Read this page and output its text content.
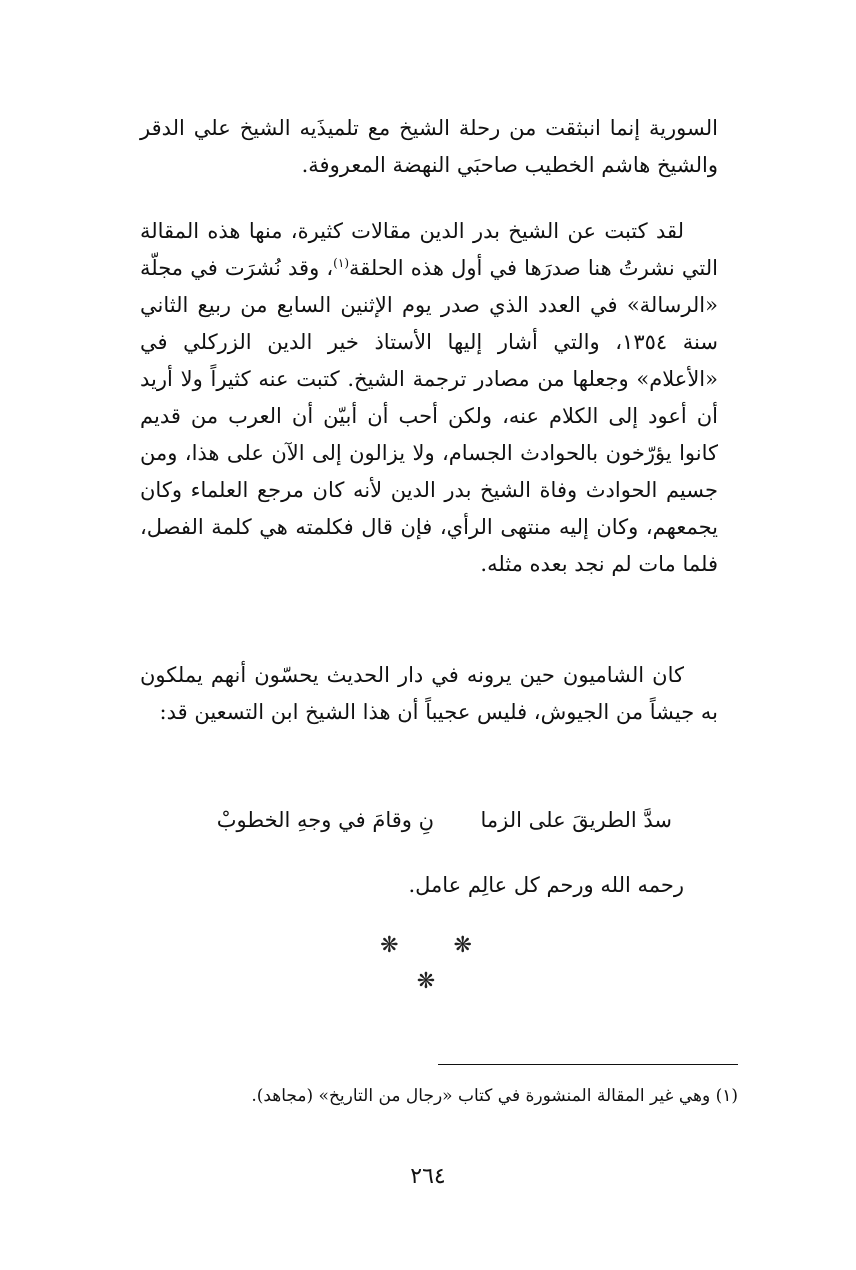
السورية إنما انبثقت من رحلة الشيخ مع تلميذَيه الشيخ علي الدقر والشيخ هاشم الخطيب صاحبَي النهضة المعروفة.
لقد كتبت عن الشيخ بدر الدين مقالات كثيرة، منها هذه المقالة التي نشرتُ هنا صدرَها في أول هذه الحلقة$^{(١)}$، وقد نُشرَت في مجلّة «الرسالة» في العدد الذي صدر يوم الإثنين السابع من ربيع الثاني سنة ١٣٥٤، والتي أشار إليها الأستاذ خير الدين الزركلي في «الأعلام» وجعلها من مصادر ترجمة الشيخ. كتبت عنه كثيراً ولا أريد أن أعود إلى الكلام عنه، ولكن أحب أن أبيّن أن العرب من قديم كانوا يؤرّخون بالحوادث الجسام، ولا يزالون إلى الآن على هذا، ومن جسيم الحوادث وفاة الشيخ بدر الدين لأنه كان مرجع العلماء وكان يجمعهم، وكان إليه منتهى الرأي، فإن قال فكلمته هي كلمة الفصل، فلما مات لم نجد بعده مثله.
كان الشاميون حين يرونه في دار الحديث يحسّون أنهم يملكون به جيشاً من الجيوش، فليس عجيباً أن هذا الشيخ ابن التسعين قد:
سدَّ الطريقَ على الزما
نِ وقامَ في وجهِ الخطوبْ
رحمه الله ورحم كل عالِم عامل.
❋ ❋ ❋
(١) وهي غير المقالة المنشورة في كتاب «رجال من التاريخ» (مجاهد).
٢٦٤
